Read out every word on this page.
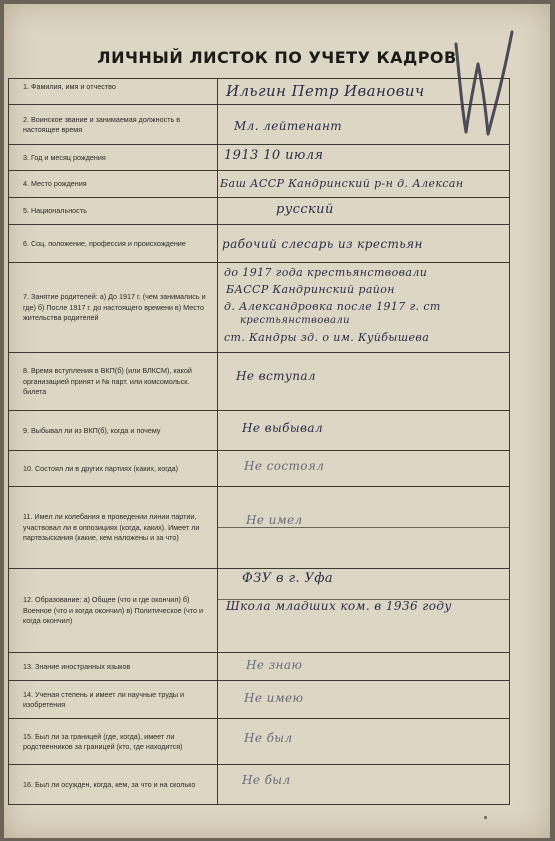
ЛИЧНЫЙ ЛИСТОК ПО УЧЕТУ КАДРОВ
1. Фамилия, имя и отчество	Ильгин Петр Иванович

2. Воинское звание и занимаемая должность в настоящее время	Мл. лейтенант

3. Год и месяц рождения	1913 10 июля

4. Место рождения	Баш АССР Кандринский р-н д. Алексан

5. Национальность	русский

6. Соц. положение, профессия и происхождение	рабочий слесарь из крестьян

7. Занятие родителей: а) До 1917 г. (чем занимались и где) б) После 1917 г. до настоящего времени в) Место жительства родителей	до 1917 года крестьянствовали
БАССР Кандринский район
д. Александровка после 1917 г. ст
крестьянствовали
ст. Кандры зд. о им. Куйбышева

8. Время вступления в ВКП(б) (или ВЛКСМ), какой организацией принят и № парт. или комсомольск. билета	Не вступал

9. Выбывал ли из ВКП(б), когда и почему	Не выбывал

10. Состоял ли в других партиях (каких, когда)	Не состоял

11. Имел ли колебания в проведении линии партии, участвовал ли в оппозициях (когда, каких). Имеет ли партвзыскания (какие, кем наложены и за что)	Не имел

12. Образование: а) Общее (что и где окончил) б) Военное (что и когда окончил) в) Политическое (что и когда окончил)	ФЗУ в г. Уфа
Школа младших ком. в 1936 году

13. Знание иностранных языков	Не знаю

14. Ученая степень и имеет ли научные труды и изобретения	Не имею

15. Был ли за границей (где, когда), имеет ли родственников за границей (кто, где находится)	Не был

16. Был ли осужден, когда, кем, за что и на сколько	Не был
